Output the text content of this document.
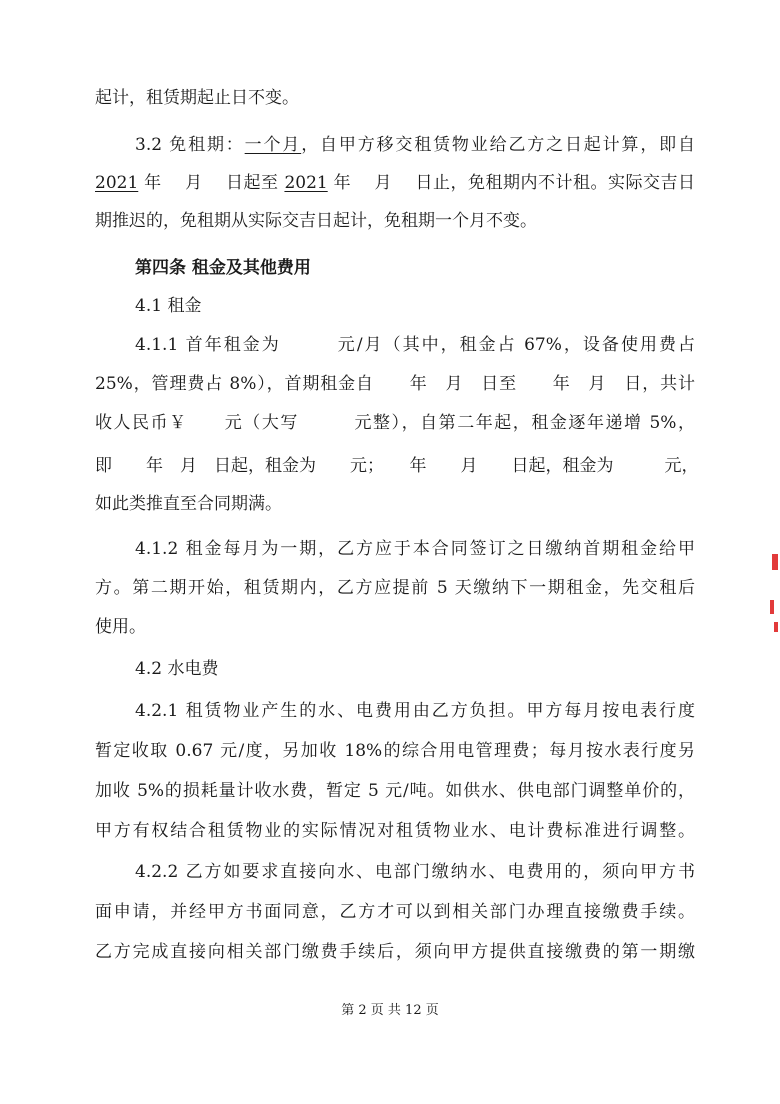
起计，租赁期起止日不变。
3.2 免租期：一个月，自甲方移交租赁物业给乙方之日起计算，即自
2021 年　 月　 日起至 2021 年　 月　 日止，免租期内不计租。实际交吉日
期推迟的，免租期从实际交吉日起计，免租期一个月不变。
第四条 租金及其他费用
4.1 租金
4.1.1 首年租金为　　　元/月（其中，租金占 67%，设备使用费占
25%，管理费占 8%），首期租金自　　年　月　日至　　年　月　日，共计
收人民币￥　　元（大写　　　元整），自第二年起，租金逐年递增 5%，
即　　年　月　日起，租金为　　元；　　年　　月　　日起，租金为　　　元，
如此类推直至合同期满。
4.1.2 租金每月为一期，乙方应于本合同签订之日缴纳首期租金给甲
方。第二期开始，租赁期内，乙方应提前 5 天缴纳下一期租金，先交租后
使用。
4.2 水电费
4.2.1 租赁物业产生的水、电费用由乙方负担。甲方每月按电表行度
暂定收取 0.67 元/度，另加收 18%的综合用电管理费；每月按水表行度另
加收 5%的损耗量计收水费，暂定 5 元/吨。如供水、供电部门调整单价的，
甲方有权结合租赁物业的实际情况对租赁物业水、电计费标准进行调整。
4.2.2 乙方如要求直接向水、电部门缴纳水、电费用的，须向甲方书
面申请，并经甲方书面同意，乙方才可以到相关部门办理直接缴费手续。
乙方完成直接向相关部门缴费手续后，须向甲方提供直接缴费的第一期缴
第 2 页 共 12 页
